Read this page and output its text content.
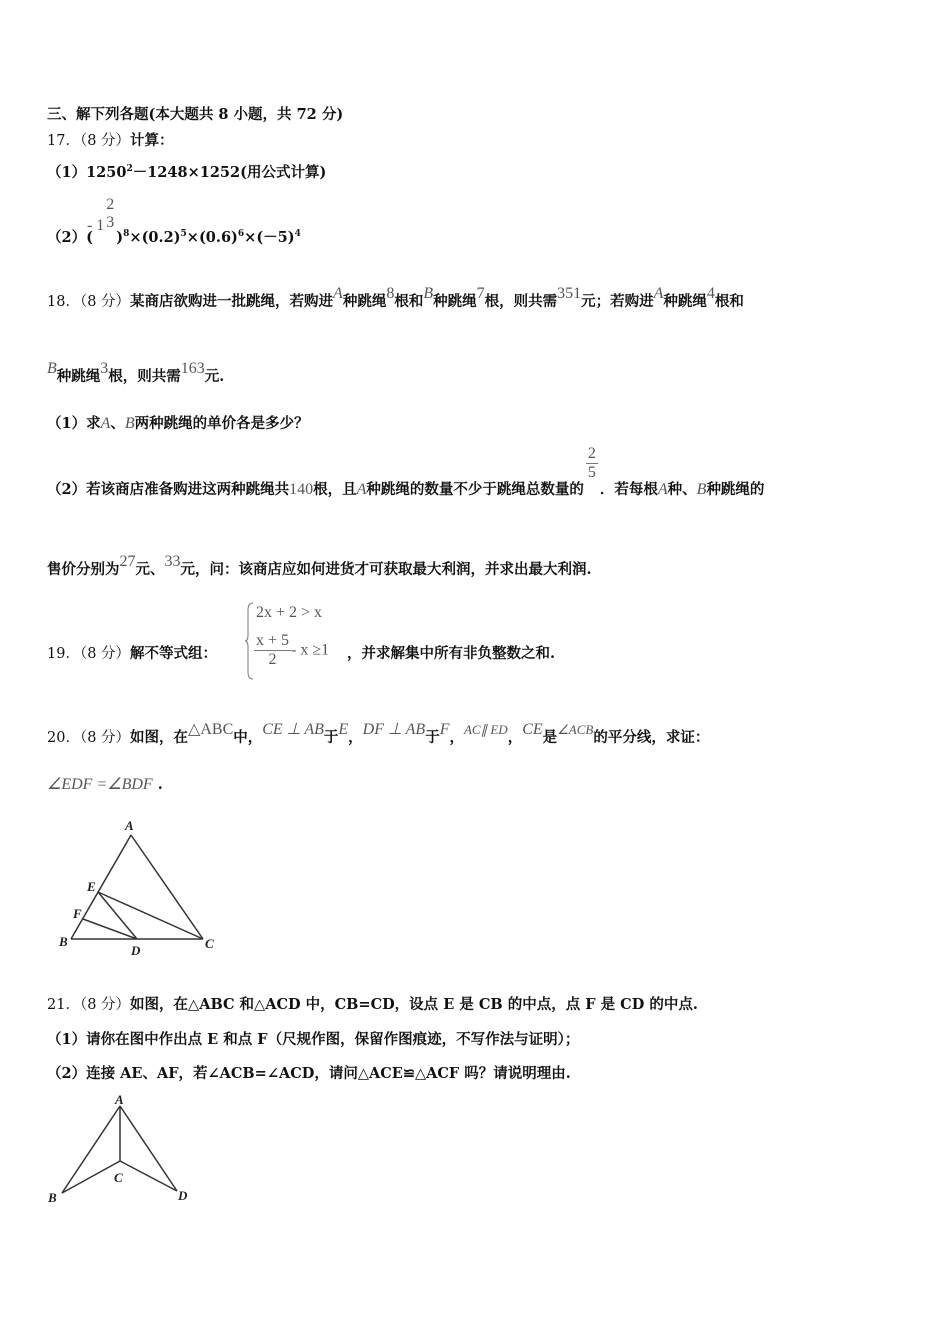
三、解下列各题(本大题共 8 小题，共 72 分)
17．（8 分）计算：
$(1)1250^2-1248\times 1252$(用公式计算)
（2）(- 1
2
3
)$^8\times(0.2)^5\times(0.6)^6\times(-5)^4$
18．（8 分）某商店欲购进一批跳绳，若购进A种跳绳8根和B种跳绳7根，则共需351元；若购进A种跳绳4根和
B种跳绳3根，则共需163元.
（1）求A、B两种跳绳的单价各是多少？
（2）若该商店准备购进这两种跳绳共140根，且A种跳绳的数量不少于跳绳总数量的
$\frac{2}{5}$
．若每根A种、B种跳绳的
售价分别为27元、33元，问：该商店应如何进货才可获取最大利润，并求出最大利润.
19．（8 分）解不等式组：
2x + 2 > x
$\frac{x + 5}{2} - x \ge 1$ ，并求解集中所有非负整数之和.
20．（8 分）如图，在△ABC中，CE ⊥ AB于E，DF ⊥ AB于F，AC∥ ED，CE是∠ACB的平分线，求证：
∠EDF =∠BDF .
A
B	C
D
E
F
21．（8 分）如图，在△ABC 和△ACD 中，CB=CD，设点 E 是 CB 的中点，点 F 是 CD 的中点.
（1）请你在图中作出点 E 和点 F（尺规作图，保留作图痕迹，不写作法与证明）；
（2）连接 AE、AF，若∠ACB=∠ACD，请问△ACE≌△ACF 吗？请说明理由.
A
B
C
D
